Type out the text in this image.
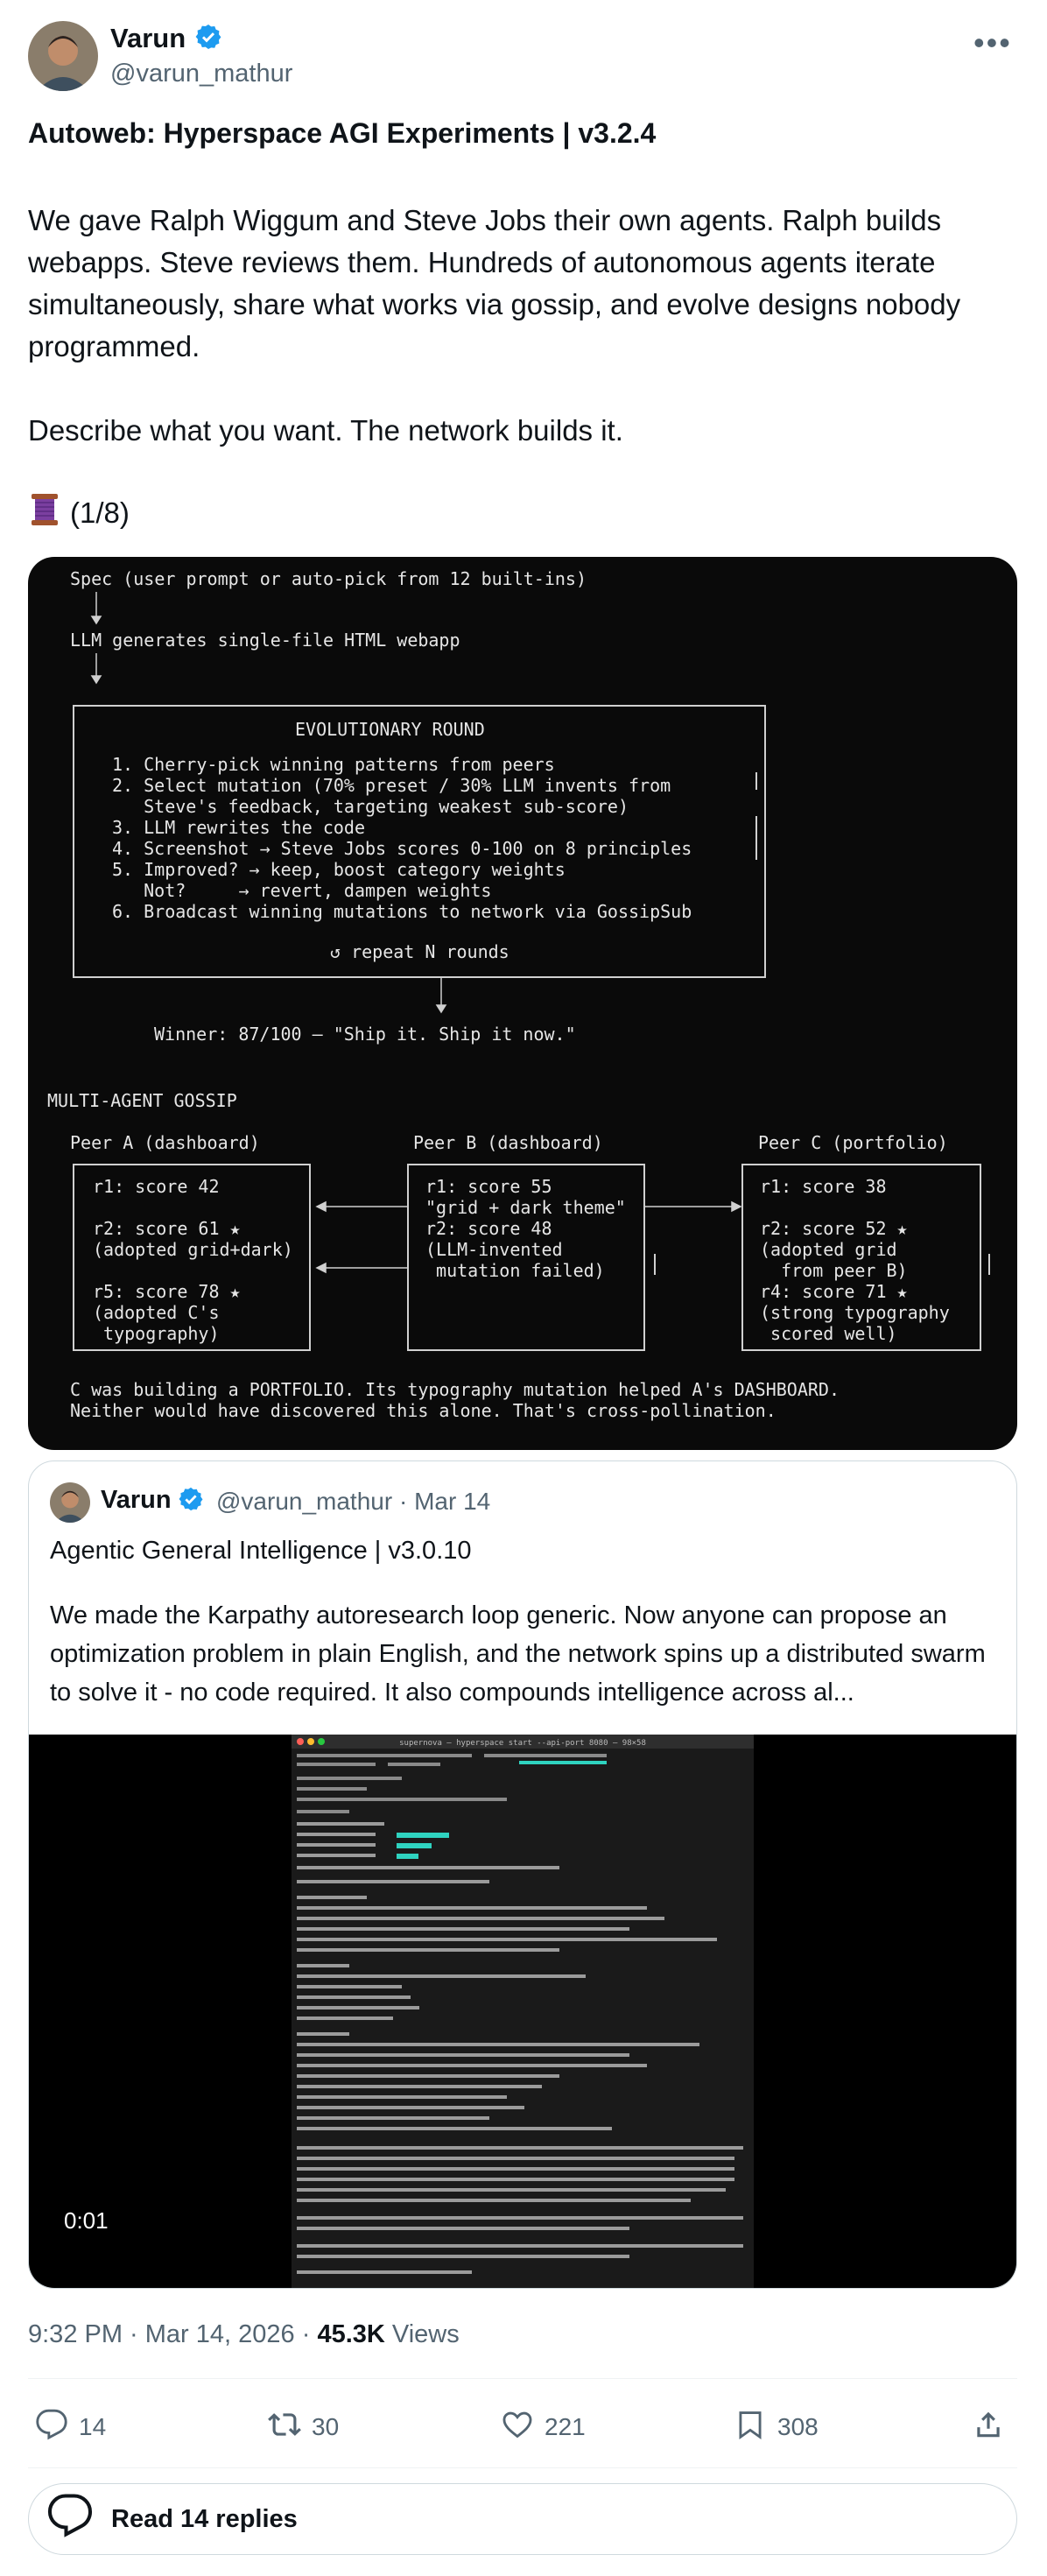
Varun
@varun_mathur
•••
Autoweb: Hyperspace AGI Experiments | v3.2.4
We gave Ralph Wiggum and Steve Jobs their own agents. Ralph builds webapps. Steve reviews them. Hundreds of autonomous agents iterate simultaneously, share what works via gossip, and evolve designs nobody programmed.

Describe what you want. The network builds it.
(1/8)
Spec (user prompt or auto-pick from 12 built-ins)
LLM generates single-file HTML webapp
EVOLUTIONARY ROUND
1. Cherry-pick winning patterns from peers
2. Select mutation (70% preset / 30% LLM invents from
Steve's feedback, targeting weakest sub-score)
3. LLM rewrites the code
4. Screenshot → Steve Jobs scores 0-100 on 8 principles
5. Improved? → keep, boost category weights
Not?     → revert, dampen weights
6. Broadcast winning mutations to network via GossipSub
↺ repeat N rounds
Winner: 87/100 — "Ship it. Ship it now."
MULTI-AGENT GOSSIP
Peer A (dashboard)	Peer B (dashboard)	Peer C (portfolio)
r1: score 42
r2: score 61 ★
(adopted grid+dark)
r5: score 78 ★
(adopted C's
typography)
r1: score 55
"grid + dark theme"
r2: score 48
(LLM-invented
mutation failed)
r1: score 38
r2: score 52 ★
(adopted grid
from peer B)
r4: score 71 ★
(strong typography
scored well)
C was building a PORTFOLIO. Its typography mutation helped A's DASHBOARD.
Neither would have discovered this alone. That's cross-pollination.
Varun @varun_mathur · Mar 14
Agentic General Intelligence | v3.0.10
We made the Karpathy autoresearch loop generic. Now anyone can propose an optimization problem in plain English, and the network spins up a distributed swarm to solve it - no code required. It also compounds intelligence across al...
supernova — hyperspace start --api-port 8080 — 98×58
0:01
9:32 PM · Mar 14, 2026 · 45.3K Views
14	30	221	308
Read 14 replies
